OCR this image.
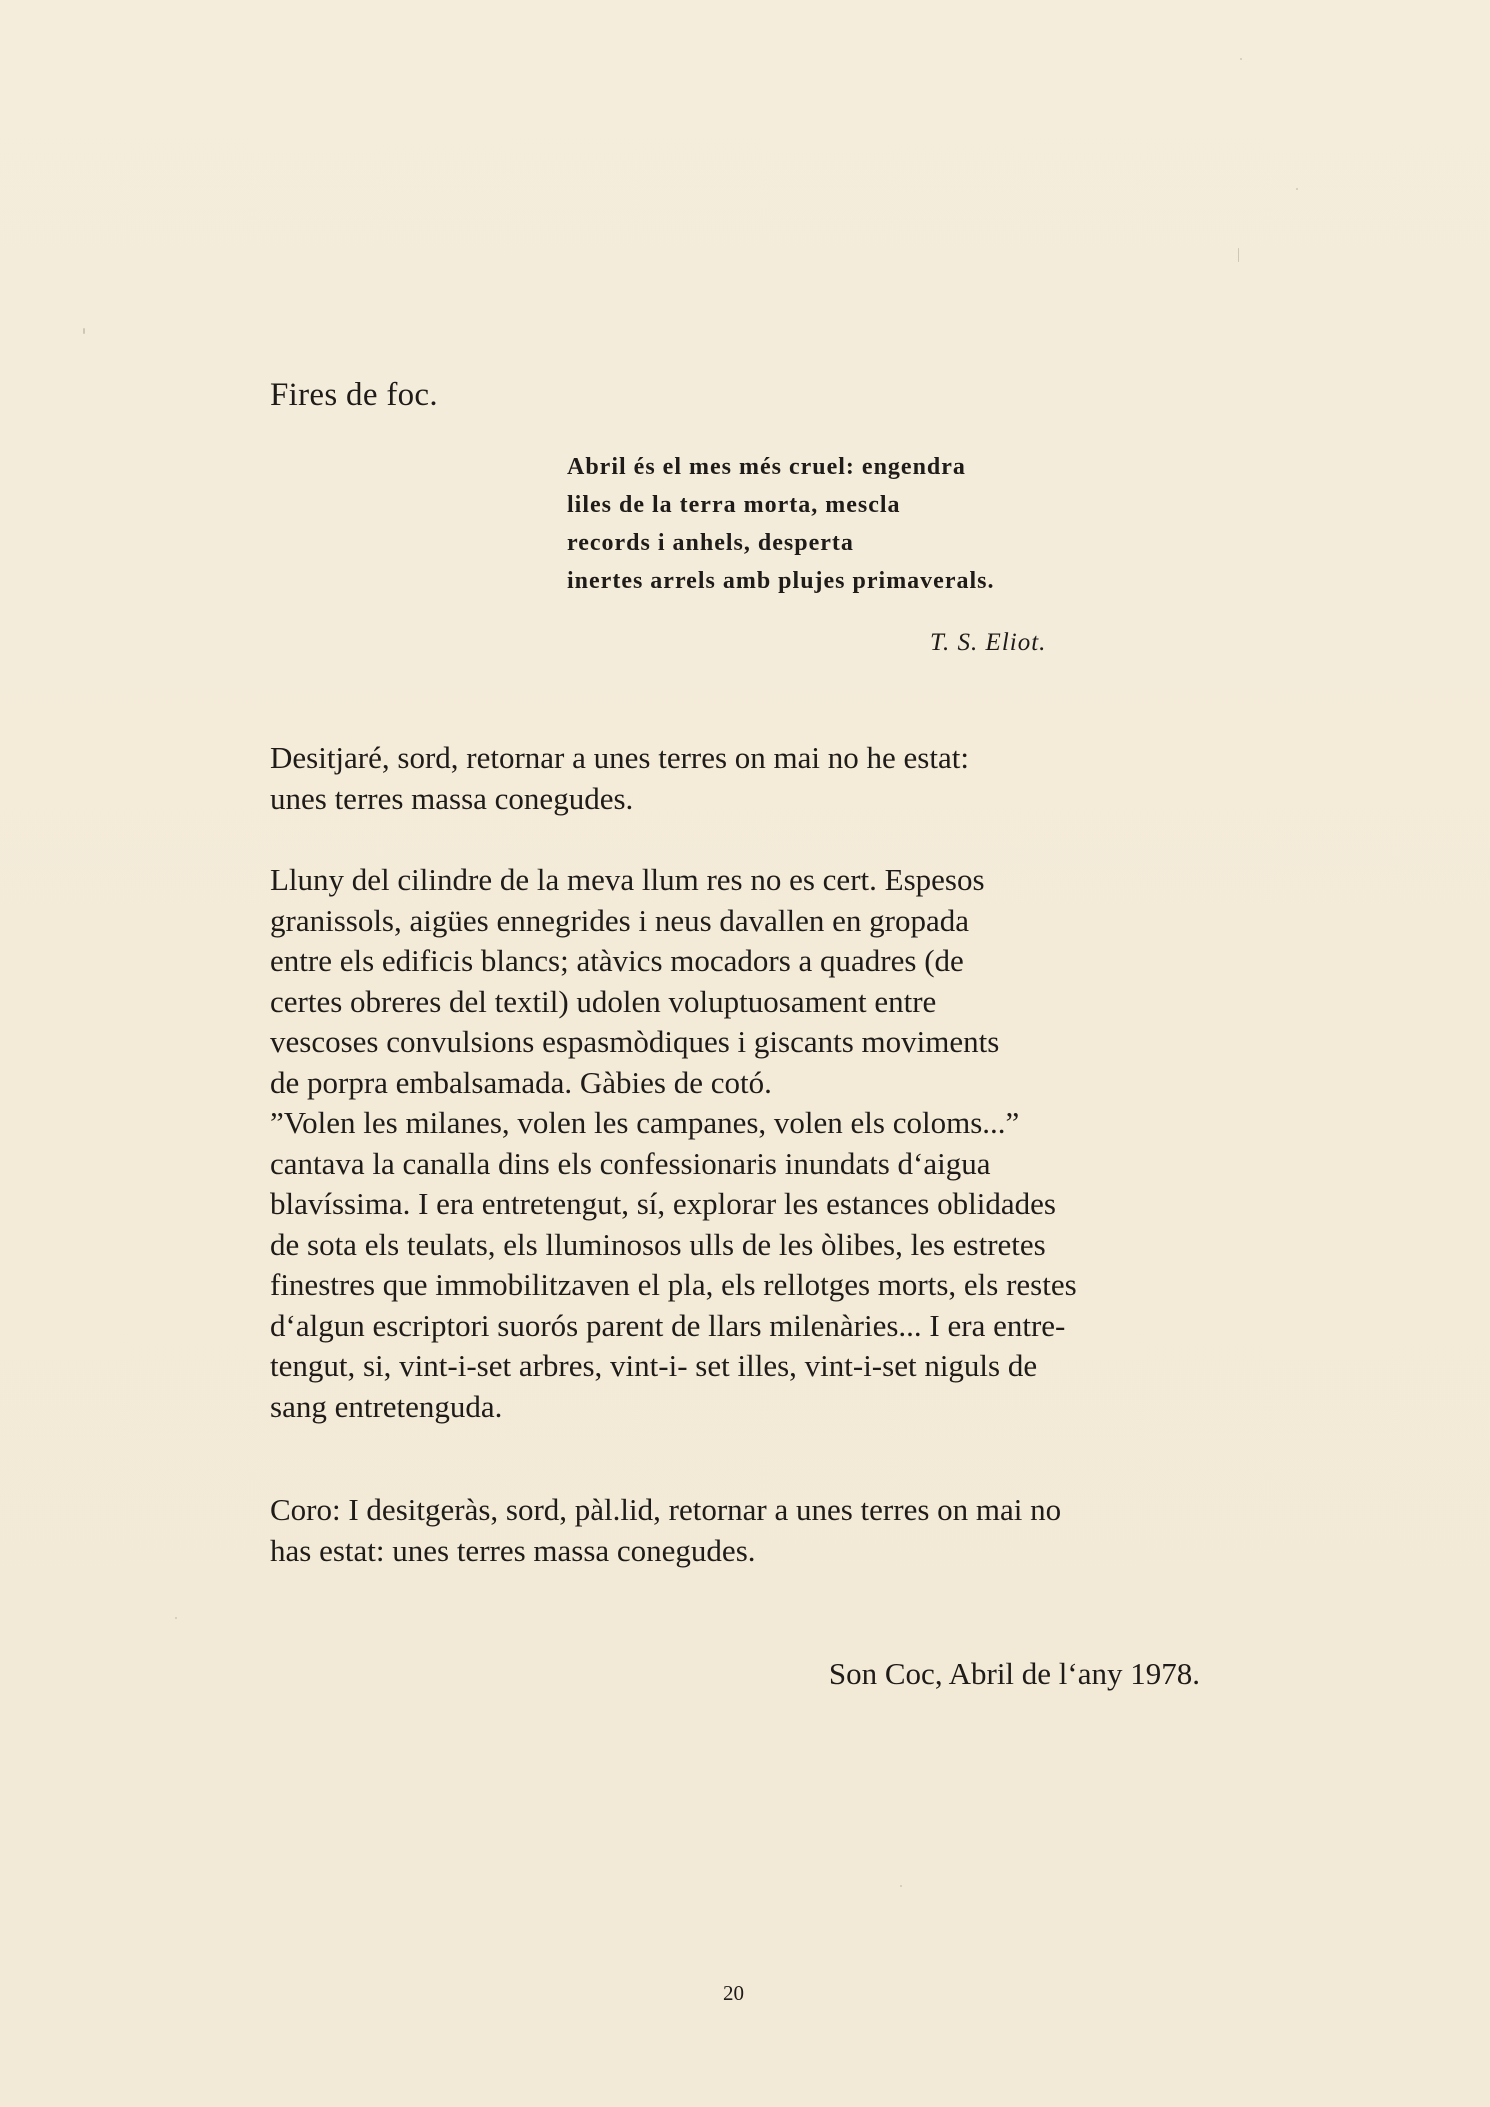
Fires de foc.
Abril és el mes més cruel: engendra
liles de la terra morta, mescla
records i anhels, desperta
inertes arrels amb plujes primaverals.
T. S. Eliot.
Desitjaré, sord, retornar a unes terres on mai no he estat:
unes terres massa conegudes.
Lluny del cilindre de la meva llum res no es cert. Espesos
granissols, aigües ennegrides i neus davallen en gropada
entre els edificis blancs; atàvics mocadors a quadres (de
certes obreres del textil) udolen voluptuosament entre
vescoses convulsions espasmòdiques i giscants moviments
de porpra embalsamada. Gàbies de cotó.
”Volen les milanes, volen les campanes, volen els coloms...”
cantava la canalla dins els confessionaris inundats d‘aigua
blavíssima. I era entretengut, sí, explorar les estances oblidades
de sota els teulats, els lluminosos ulls de les òlibes, les estretes
finestres que immobilitzaven el pla, els rellotges morts, els restes
d‘algun escriptori suorós parent de llars milenàries... I era entre-
tengut, si, vint-i-set arbres, vint-i- set illes, vint-i-set niguls de
sang entretenguda.
Coro: I desitgeràs, sord, pàl.lid, retornar a unes terres on mai no
has estat: unes terres massa conegudes.
Son Coc, Abril de l‘any 1978.
20
